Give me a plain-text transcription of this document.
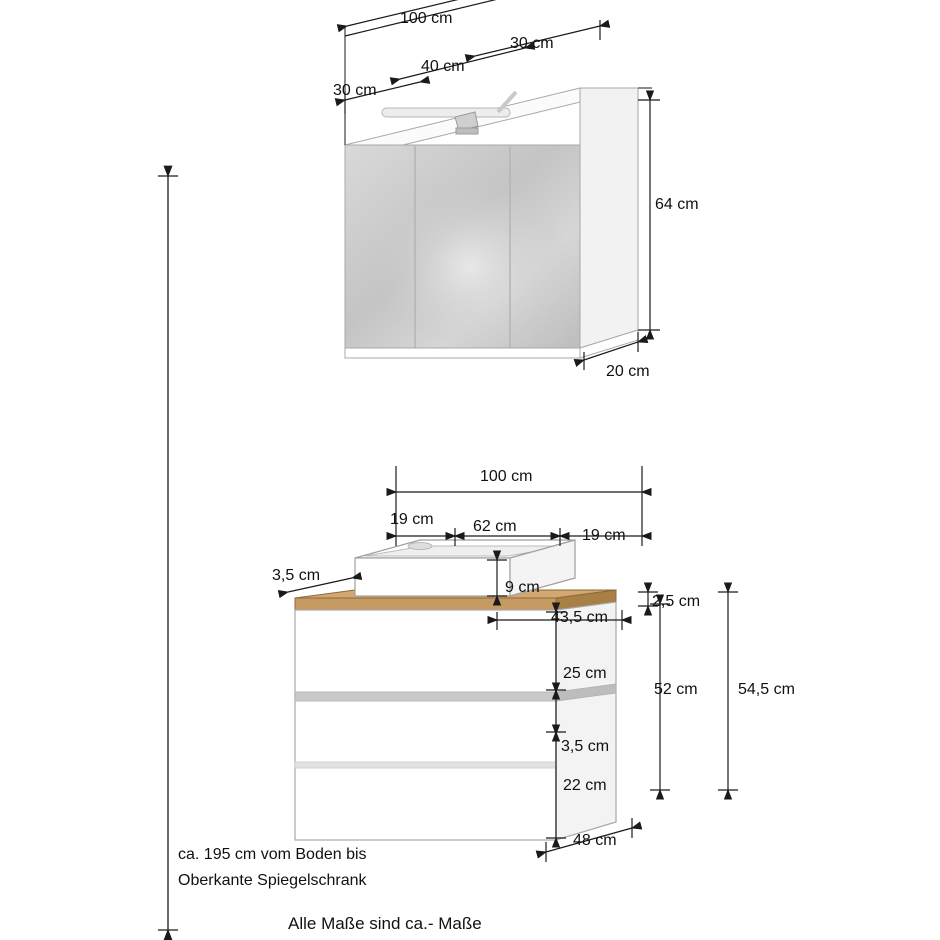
100 cm
30 cm
40 cm
30 cm
64 cm
20 cm
100 cm
19 cm 62 cm
19 cm
3,5 cm
9 cm
2,5 cm
43,5 cm
25 cm
3,5 cm
22 cm
52 cm	54,5 cm
48 cm
ca. 195 cm vom Boden bis
Oberkante Spiegelschrank
Alle Maße sind ca.- Maße
